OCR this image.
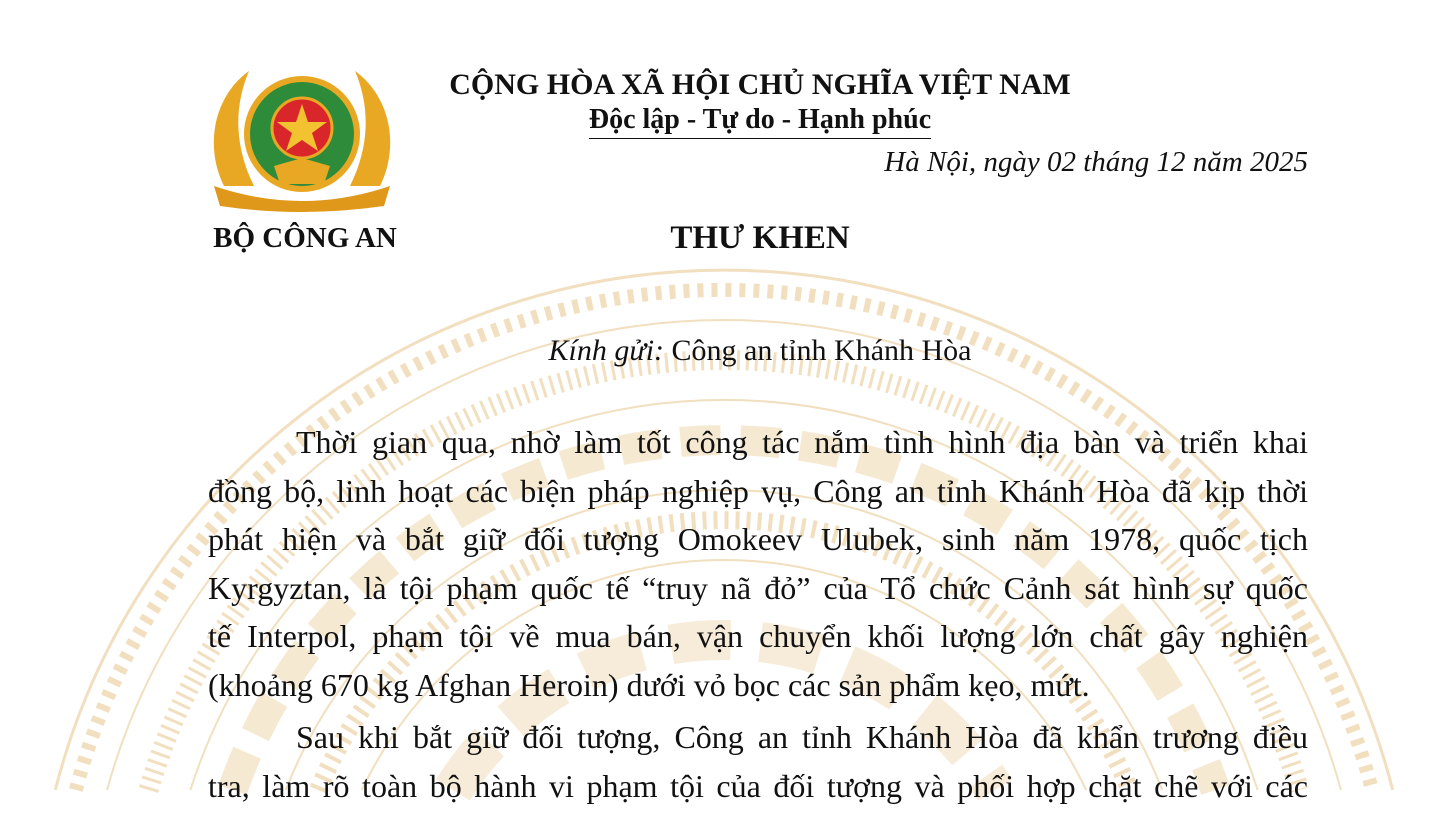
BỘ CÔNG AN
CỘNG HÒA XÃ HỘI CHỦ NGHĨA VIỆT NAM
Độc lập - Tự do - Hạnh phúc
Hà Nội, ngày 02 tháng 12 năm 2025
THƯ KHEN
Kính gửi: Công an tỉnh Khánh Hòa
Thời gian qua, nhờ làm tốt công tác nắm tình hình địa bàn và triển khai
đồng bộ, linh hoạt các biện pháp nghiệp vụ, Công an tỉnh Khánh Hòa đã kịp thời
phát hiện và bắt giữ đối tượng Omokeev Ulubek, sinh năm 1978, quốc tịch
Kyrgyztan, là tội phạm quốc tế “truy nã đỏ” của Tổ chức Cảnh sát hình sự quốc
tế Interpol, phạm tội về mua bán, vận chuyển khối lượng lớn chất gây nghiện
(khoảng 670 kg Afghan Heroin) dưới vỏ bọc các sản phẩm kẹo, mứt.
Sau khi bắt giữ đối tượng, Công an tỉnh Khánh Hòa đã khẩn trương điều
tra, làm rõ toàn bộ hành vi phạm tội của đối tượng và phối hợp chặt chẽ với các
